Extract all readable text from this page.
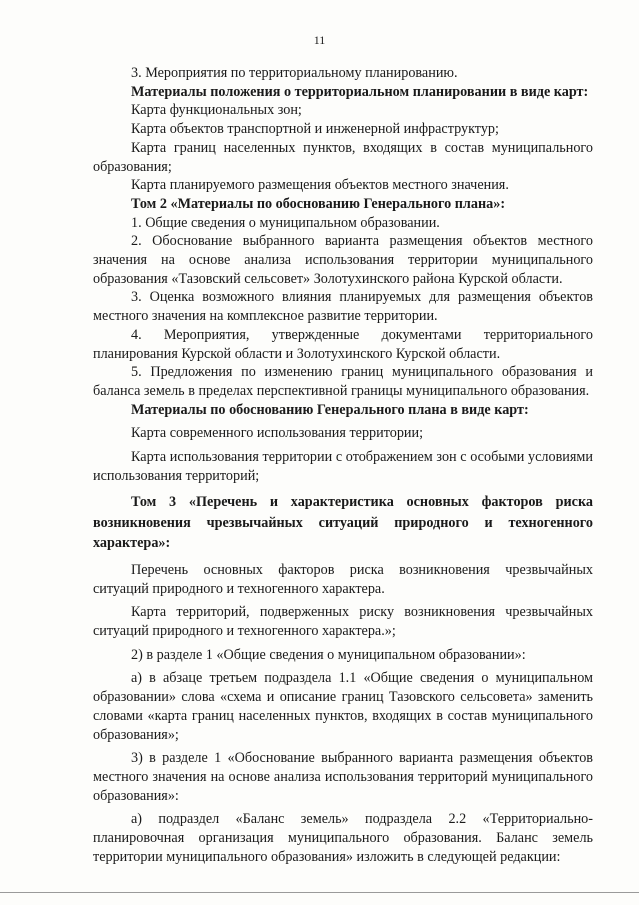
11

3. Мероприятия по территориальному планированию.

Материалы положения о территориальном планировании в виде карт:

Карта функциональных зон;

Карта объектов транспортной и инженерной инфраструктур;

Карта границ населенных пунктов, входящих в состав муниципального образования;

Карта планируемого размещения объектов местного значения.

Том 2 «Материалы по обоснованию Генерального плана»:

1. Общие сведения о муниципальном образовании.

2. Обоснование выбранного варианта размещения объектов местного значения на основе анализа использования территории муниципального образования «Тазовский сельсовет» Золотухинского района Курской области.

3. Оценка возможного влияния планируемых для размещения объектов местного значения на комплексное развитие территории.

4. Мероприятия, утвержденные документами территориального планирования Курской области и Золотухинского Курской области.

5. Предложения по изменению границ муниципального образования и баланса земель в пределах перспективной границы муниципального образования.

Материалы по обоснованию Генерального плана в виде карт:

Карта современного использования территории;

Карта использования территории с отображением зон с особыми условиями использования территорий;

Том 3 «Перечень и характеристика основных факторов риска возникновения чрезвычайных ситуаций природного и техногенного характера»:

Перечень основных факторов риска возникновения чрезвычайных ситуаций природного и техногенного характера.

Карта территорий, подверженных риску возникновения чрезвычайных ситуаций природного и техногенного характера.»;

2) в разделе 1 «Общие сведения о муниципальном образовании»:

а) в абзаце третьем подраздела 1.1 «Общие сведения о муниципальном образовании» слова «схема и описание границ Тазовского сельсовета» заменить словами «карта границ населенных пунктов, входящих в состав муниципального образования»;

3) в разделе 1 «Обоснование выбранного варианта размещения объектов местного значения на основе анализа использования территорий муниципального образования»:

а) подраздел «Баланс земель» подраздела 2.2 «Территориально-планировочная организация муниципального образования. Баланс земель территории муниципального образования» изложить в следующей редакции:
